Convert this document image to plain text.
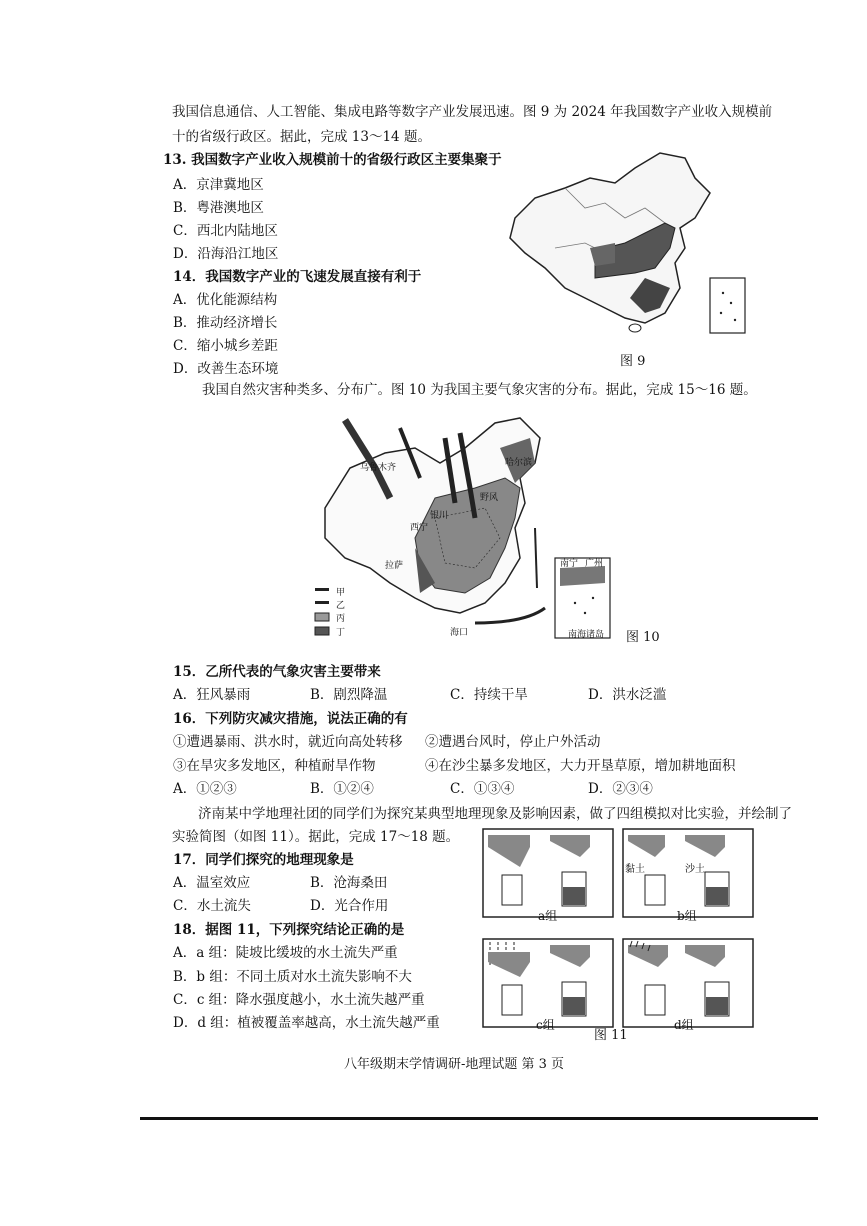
我国信息通信、人工智能、集成电路等数字产业发展迅速。图 9 为 2024 年我国数字产业收入规模前
十的省级行政区。据此，完成 13～14 题。
13. 我国数字产业收入规模前十的省级行政区主要集聚于
A．京津冀地区
B．粤港澳地区
C．西北内陆地区
D．沿海沿江地区
14．我国数字产业的飞速发展直接有利于
A．优化能源结构
B．推动经济增长
C．缩小城乡差距
D．改善生态环境	图 9
我国自然灾害种类多、分布广。图 10 为我国主要气象灾害的分布。据此，完成 15～16 题。
甲
乙
丙
丁
乌鲁木齐	哈尔滨
野风
银川
西宁
拉萨	南宁 广州
海口	南海诸岛 图 10
15．乙所代表的气象灾害主要带来
A．狂风暴雨	B．剧烈降温	C．持续干旱	D．洪水泛滥
16．下列防灾减灾措施，说法正确的有
①遭遇暴雨、洪水时，就近向高处转移 ②遭遇台风时，停止户外活动
③在旱灾多发地区，种植耐旱作物	④在沙尘暴多发地区，大力开垦草原，增加耕地面积
A．①②③	B．①②④	C．①③④	D．②③④
济南某中学地理社团的同学们为探究某典型地理现象及影响因素，做了四组模拟对比实验，并绘制了
实验简图（如图 11）。据此，完成 17～18 题。
17．同学们探究的地理现象是
A．温室效应	B．沧海桑田
C．水土流失	D．光合作用
18．据图 11，下列探究结论正确的是
A．a 组：陡坡比缓坡的水土流失严重
B．b 组：不同土质对水土流失影响不大
C．c 组：降水强度越小，水土流失越严重
D．d 组：植被覆盖率越高，水土流失越严重
a组	b组
c组	d组
黏土	沙土
图 11
八年级期末学情调研-地理试题 第 3 页
